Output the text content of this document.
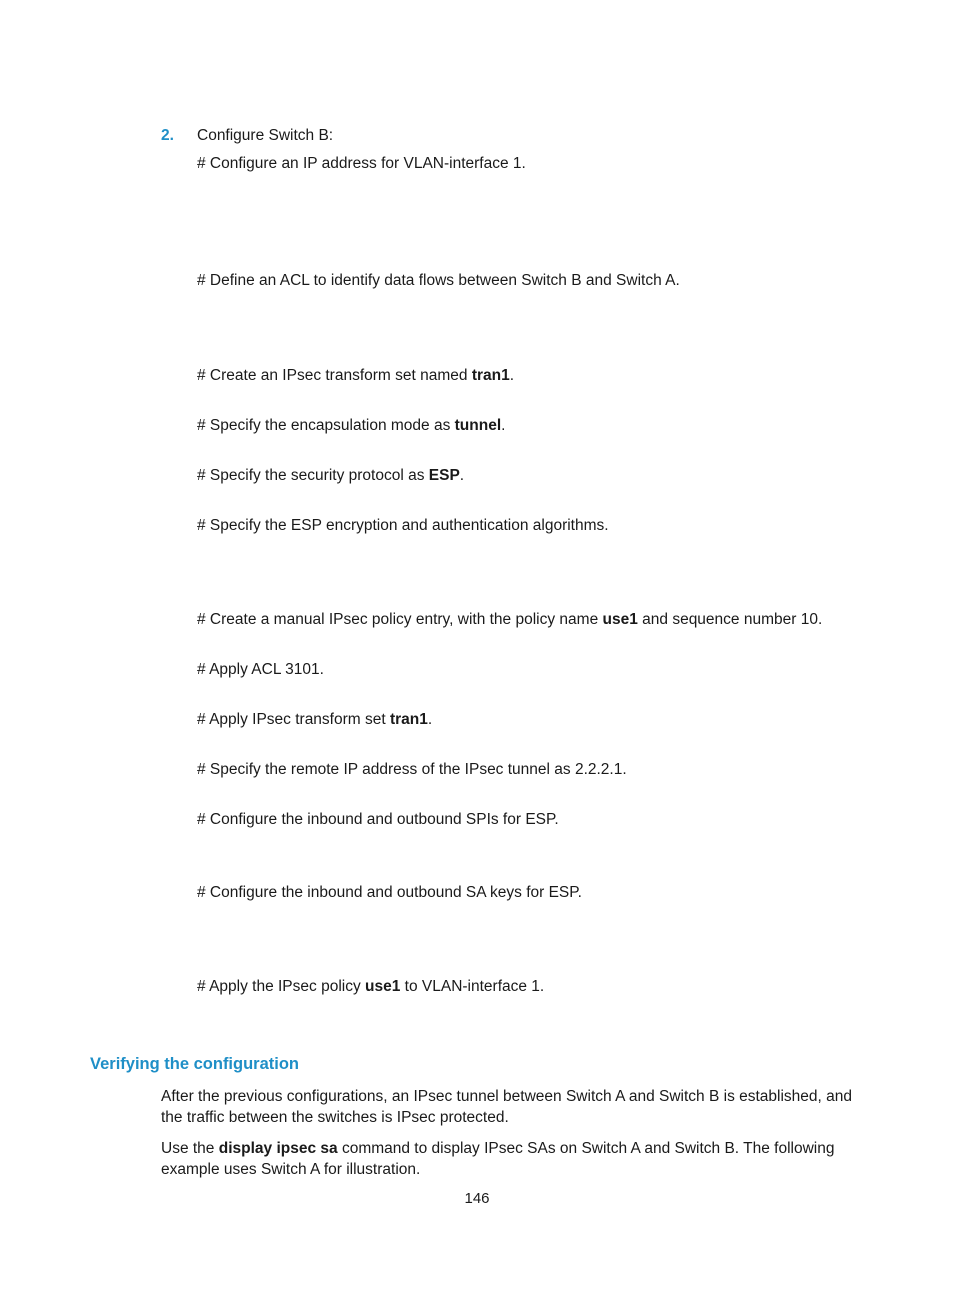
2. Configure Switch B:
# Configure an IP address for VLAN-interface 1.
# Define an ACL to identify data flows between Switch B and Switch A.
# Create an IPsec transform set named tran1.
# Specify the encapsulation mode as tunnel.
# Specify the security protocol as ESP.
# Specify the ESP encryption and authentication algorithms.
# Create a manual IPsec policy entry, with the policy name use1 and sequence number 10.
# Apply ACL 3101.
# Apply IPsec transform set tran1.
# Specify the remote IP address of the IPsec tunnel as 2.2.2.1.
# Configure the inbound and outbound SPIs for ESP.
# Configure the inbound and outbound SA keys for ESP.
# Apply the IPsec policy use1 to VLAN-interface 1.
Verifying the configuration
After the previous configurations, an IPsec tunnel between Switch A and Switch B is established, and the traffic between the switches is IPsec protected.
Use the display ipsec sa command to display IPsec SAs on Switch A and Switch B. The following example uses Switch A for illustration.
146
